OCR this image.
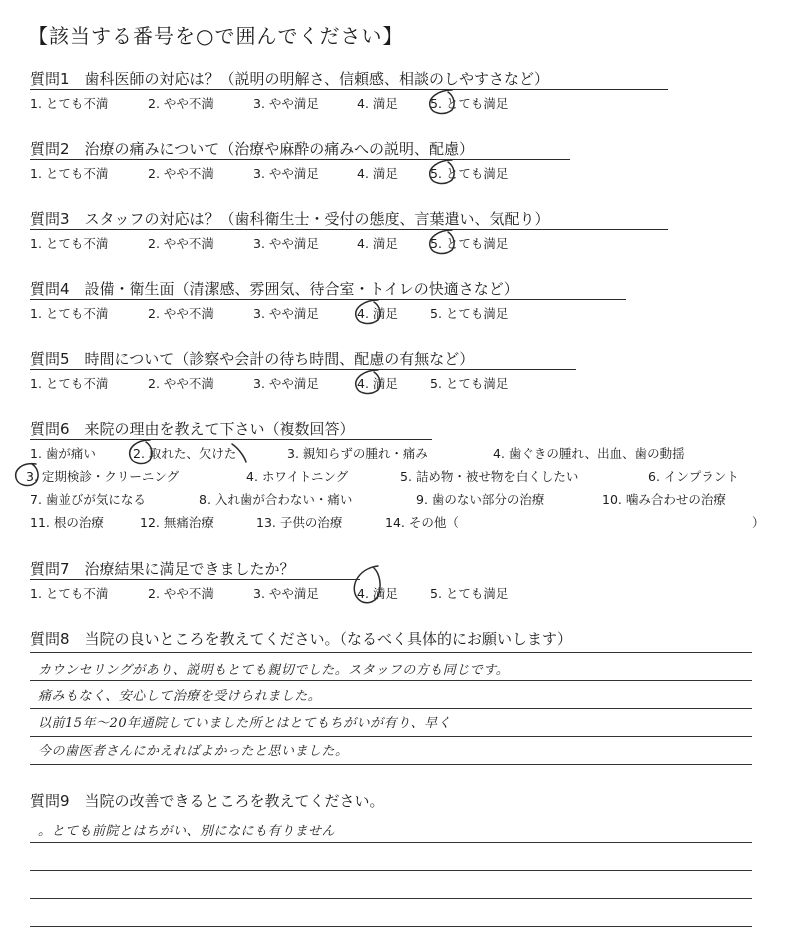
【該当する番号を○で囲んでください】
質問1　歯科医師の対応は？（説明の明解さ、信頼感、相談のしやすさなど）
1. とても不満	2. やや不満	3. やや満足	4. 満足	5. とても満足
質問2　治療の痛みについて（治療や麻酔の痛みへの説明、配慮）
1. とても不満	2. やや不満	3. やや満足	4. 満足	5. とても満足
質問3　スタッフの対応は？（歯科衛生士・受付の態度、言葉遣い、気配り）
1. とても不満	2. やや不満	3. やや満足	4. 満足	5. とても満足
質問4　設備・衛生面（清潔感、雰囲気、待合室・トイレの快適さなど）
1. とても不満	2. やや不満	3. やや満足	4. 満足	5. とても満足
質問5　時間について（診察や会計の待ち時間、配慮の有無など）
1. とても不満	2. やや不満	3. やや満足	4. 満足	5. とても満足
質問6　来院の理由を教えて下さい（複数回答）
1. 歯が痛い	2. 取れた、欠けた	3. 親知らずの腫れ・痛み	4. 歯ぐきの腫れ、出血、歯の動揺
3. 定期検診・クリーニング	4. ホワイトニング	5. 詰め物・被せ物を白くしたい	6. インプラント
7. 歯並びが気になる	8. 入れ歯が合わない・痛い	9. 歯のない部分の治療	10. 噛み合わせの治療
11. 根の治療	12. 無痛治療	13. 子供の治療	14. その他（	）
質問7　治療結果に満足できましたか？
1. とても不満	2. やや不満	3. やや満足	4. 満足	5. とても満足
質問8　当院の良いところを教えてください。（なるべく具体的にお願いします）
カウンセリングがあり、説明もとても親切でした。スタッフの方も同じです。
痛みもなく、安心して治療を受けられました。
以前15年〜20年通院していました所とはとてもちがいが有り、早く
今の歯医者さんにかえればよかったと思いました。
質問9　当院の改善できるところを教えてください。
。とても前院とはちがい、別になにも有りません
